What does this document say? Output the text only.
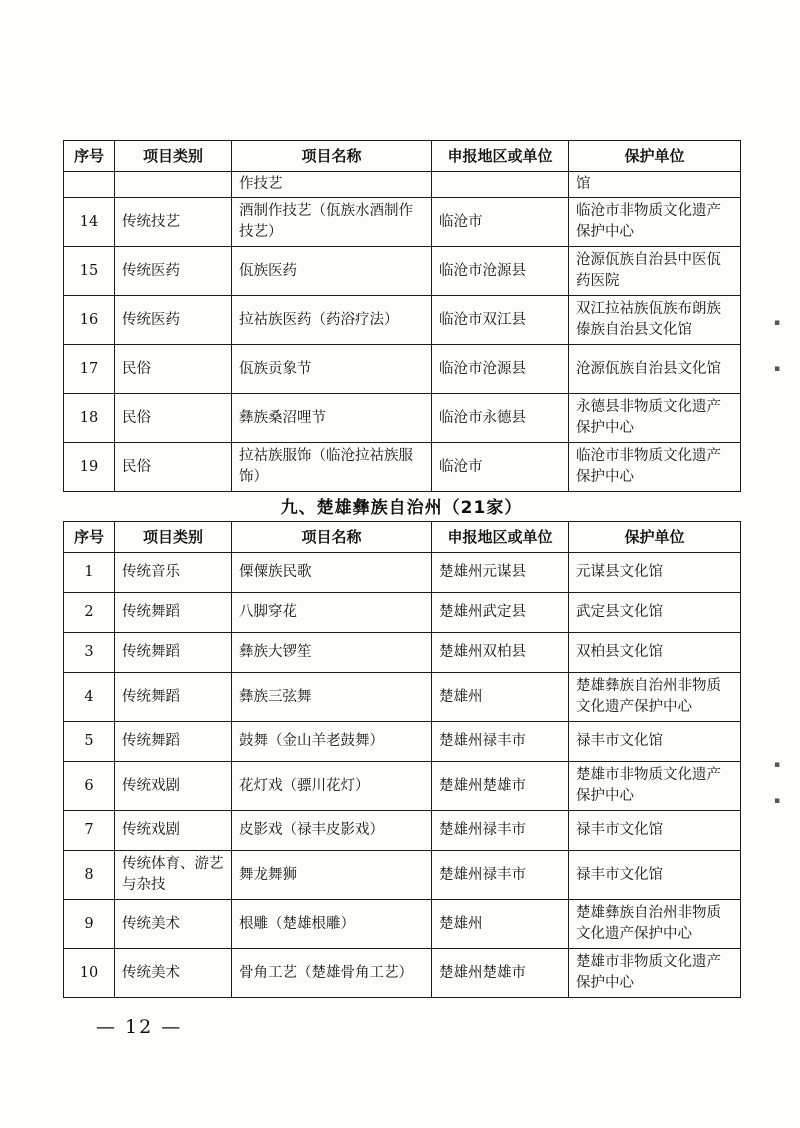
序号	项目类别	项目名称	申报地区或单位	保护单位
		作技艺		馆
14	传统技艺	酒制作技艺（佤族水酒制作技艺）	临沧市	临沧市非物质文化遗产保护中心
15	传统医药	佤族医药	临沧市沧源县	沧源佤族自治县中医佤药医院
16	传统医药	拉祜族医药（药浴疗法）	临沧市双江县	双江拉祜族佤族布朗族傣族自治县文化馆
17	民俗	佤族贡象节	临沧市沧源县	沧源佤族自治县文化馆
18	民俗	彝族桑沼哩节	临沧市永德县	永德县非物质文化遗产保护中心
19	民俗	拉祜族服饰（临沧拉祜族服饰）	临沧市	临沧市非物质文化遗产保护中心
九、楚雄彝族自治州（21家）
序号	项目类别	项目名称	申报地区或单位	保护单位
1	传统音乐	傈僳族民歌	楚雄州元谋县	元谋县文化馆
2	传统舞蹈	八脚穿花	楚雄州武定县	武定县文化馆
3	传统舞蹈	彝族大锣笙	楚雄州双柏县	双柏县文化馆
4	传统舞蹈	彝族三弦舞	楚雄州	楚雄彝族自治州非物质文化遗产保护中心
5	传统舞蹈	鼓舞（金山羊老鼓舞）	楚雄州禄丰市	禄丰市文化馆
6	传统戏剧	花灯戏（骠川花灯）	楚雄州楚雄市	楚雄市非物质文化遗产保护中心
7	传统戏剧	皮影戏（禄丰皮影戏）	楚雄州禄丰市	禄丰市文化馆
8	传统体育、游艺与杂技	舞龙舞狮	楚雄州禄丰市	禄丰市文化馆
9	传统美术	根雕（楚雄根雕）	楚雄州	楚雄彝族自治州非物质文化遗产保护中心
10	传统美术	骨角工艺（楚雄骨角工艺）	楚雄州楚雄市	楚雄市非物质文化遗产保护中心
— 12 —
▪
▪
▪
▪
